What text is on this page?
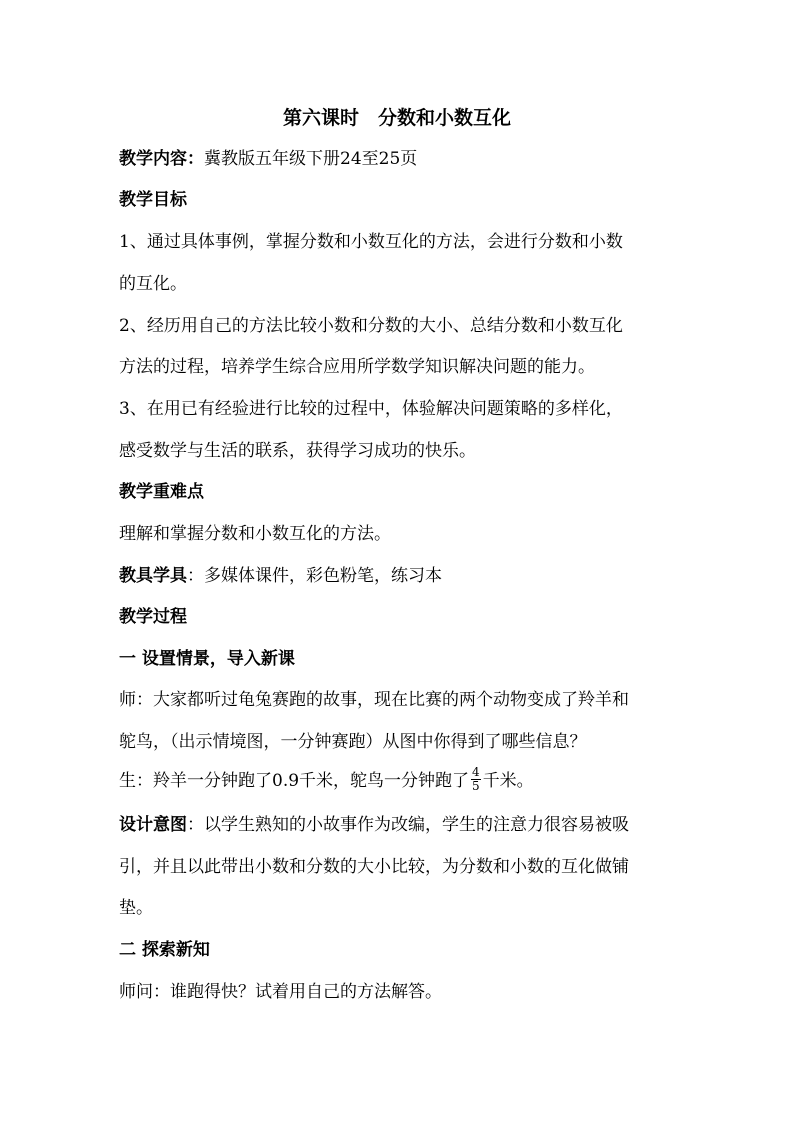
第六课时　分数和小数互化
教学内容：冀教版五年级下册24至25页
教学目标
1、通过具体事例，掌握分数和小数互化的方法，会进行分数和小数
的互化。
2、经历用自己的方法比较小数和分数的大小、总结分数和小数互化
方法的过程，培养学生综合应用所学数学知识解决问题的能力。
3、在用已有经验进行比较的过程中，体验解决问题策略的多样化，
感受数学与生活的联系，获得学习成功的快乐。
教学重难点
理解和掌握分数和小数互化的方法。
教具学具：多媒体课件，彩色粉笔，练习本
教学过程
一 设置情景，导入新课
师：大家都听过龟兔赛跑的故事，现在比赛的两个动物变成了羚羊和
鸵鸟，（出示情境图，一分钟赛跑）从图中你得到了哪些信息？
生：羚羊一分钟跑了0.9千米，鸵鸟一分钟跑了 $\frac{4}{5}$ 千米。
设计意图：以学生熟知的小故事作为改编，学生的注意力很容易被吸
引，并且以此带出小数和分数的大小比较，为分数和小数的互化做铺
垫。
二 探索新知
师问：谁跑得快？试着用自己的方法解答。
